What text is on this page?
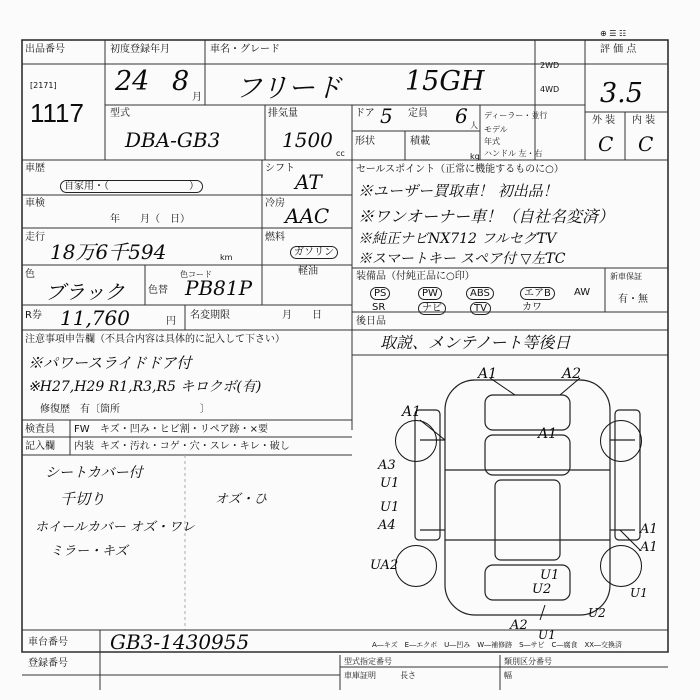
出品番号
[2171]
1117
初度登録年月
24 8
月
車名・グレード
フリード 15GH
2WD
4WD
評 価 点
3.5
外 装 内 装
C C
⊕ ☰ ☷
型式
DBA-GB3
排気量
1500
cc
ドア 5 定員 6 人
形状	積載
kg
ディーラー・並行
モデル
年式
ハンドル 左・右
車歴
自家用・（　　　　　　　　）
シフト
AT
車検
年　　月（　日）
冷房
AAC
走行
18万6千594	km
燃料
ガソリン
軽油
色
ブラック 色替
色コード
PB81P
R券 11,760	円
名変期限	月　　日
注意事項申告欄（不具合内容は具体的に記入して下さい）
※パワースライドドア付
※H27,H29 R1,R3,R5 キロクボ(有)
修復歴　有〔箇所　　　　　　　　〕
セールスポイント（正常に機能するものに○）
※ユーザー買取車！ 初出品！
※ワンオーナー車！（自社名変済）
※純正ナビNX712 フルセグTV
※スマートキー スペア付 ▽左TC
装備品（付純正品に○印）	新車保証
PS	PW	ABS	エアB	AW
SR	ナビ	TV	カワ
有・無
後日品
取説、メンテノート等後日
検査員
記入欄
FW キズ・凹み・ヒビ割・リペア跡・×要
内装 キズ・汚れ・コゲ・穴・スレ・キレ・破し
シートカバー付
千切り
ホイールカバー オズ・ワレ
ミラー・キズ
オズ・ひ
A1	A2
A1
A1
A3
U1
U1
A4
UA2
A1
A1
U1
U2
A2
U1
U2
U1
A―キズ　E―エクボ　U―凹み　W―補修跡　S―サビ　C―腐食　XX―交換済
車台番号 GB3-1430955
登録番号	型式指定番号	類別区分番号
車庫証明	長さ	幅
